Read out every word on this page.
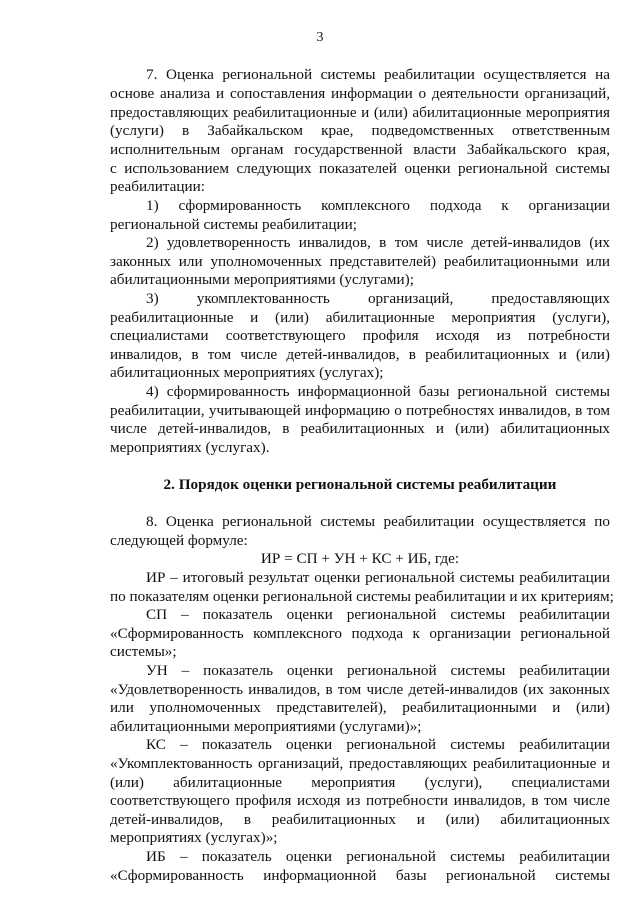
3
7. Оценка региональной системы реабилитации осуществляется на
основе анализа и сопоставления информации о деятельности организаций,
предоставляющих реабилитационные и (или) абилитационные мероприятия
(услуги) в Забайкальском крае, подведомственных ответственным
исполнительным органам государственной власти Забайкальского края,
с использованием следующих показателей оценки региональной системы
реабилитации:
1) сформированность комплексного подхода к организации
региональной системы реабилитации;
2) удовлетворенность инвалидов, в том числе детей-инвалидов (их
законных или уполномоченных представителей) реабилитационными или
абилитационными мероприятиями (услугами);
3) укомплектованность организаций, предоставляющих
реабилитационные и (или) абилитационные мероприятия (услуги),
специалистами соответствующего профиля исходя из потребности
инвалидов, в том числе детей-инвалидов, в реабилитационных и (или)
абилитационных мероприятиях (услугах);
4) сформированность информационной базы региональной системы
реабилитации, учитывающей информацию о потребностях инвалидов, в том
числе детей-инвалидов, в реабилитационных и (или) абилитационных
мероприятиях (услугах).
2. Порядок оценки региональной системы реабилитации
8. Оценка региональной системы реабилитации осуществляется по
следующей формуле:
ИР = СП + УН + КС + ИБ, где:
ИР – итоговый результат оценки региональной системы реабилитации
по показателям оценки региональной системы реабилитации и их критериям;
СП – показатель оценки региональной системы реабилитации
«Сформированность комплексного подхода к организации региональной
системы»;
УН – показатель оценки региональной системы реабилитации
«Удовлетворенность инвалидов, в том числе детей-инвалидов (их законных
или уполномоченных представителей), реабилитационными и (или)
абилитационными мероприятиями (услугами)»;
КС – показатель оценки региональной системы реабилитации
«Укомплектованность организаций, предоставляющих реабилитационные и
(или) абилитационные мероприятия (услуги), специалистами
соответствующего профиля исходя из потребности инвалидов, в том числе
детей-инвалидов, в реабилитационных и (или) абилитационных
мероприятиях (услугах)»;
ИБ – показатель оценки региональной системы реабилитации
«Сформированность информационной базы региональной системы
